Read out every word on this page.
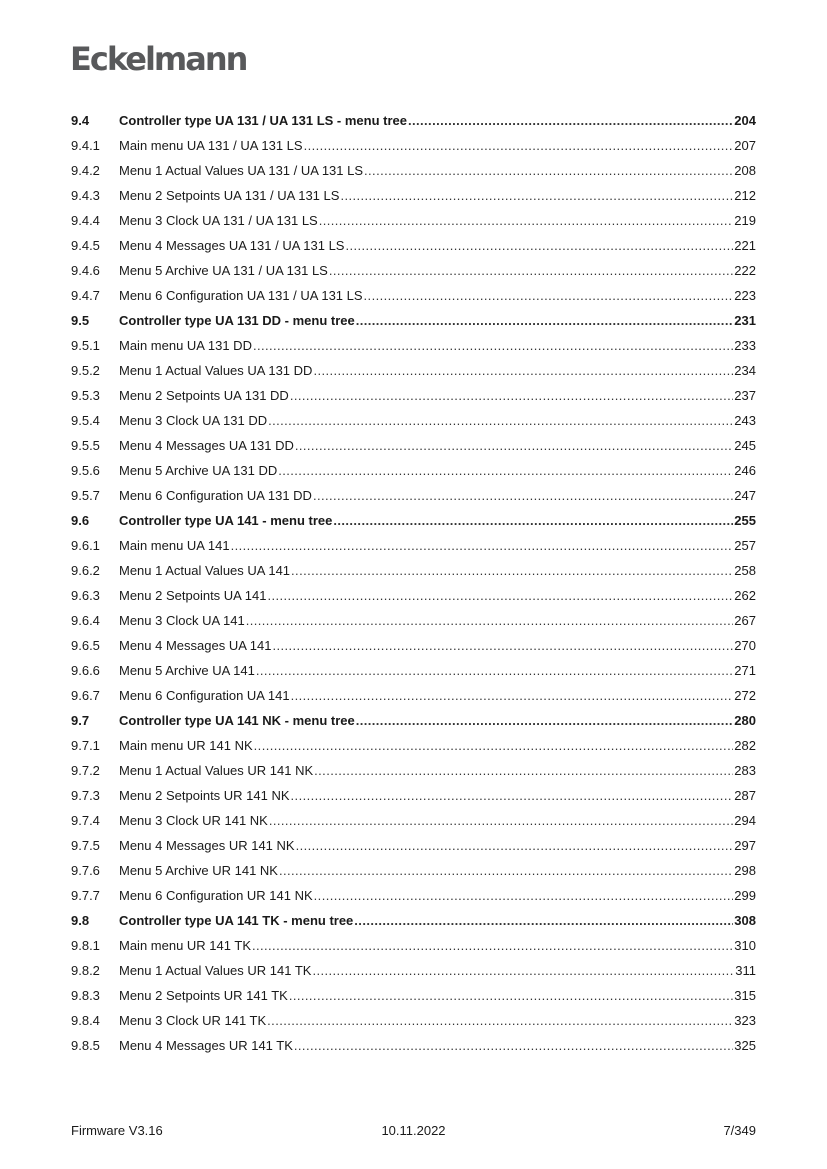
Eckelmann
9.4	Controller type UA 131 / UA 131 LS - menu tree .....	204
9.4.1	Main menu UA 131 / UA 131 LS .....	207
9.4.2	Menu 1 Actual Values UA 131 / UA 131 LS .....	208
9.4.3	Menu 2 Setpoints UA 131 / UA 131 LS .....	212
9.4.4	Menu 3 Clock UA 131 / UA 131 LS .....	219
9.4.5	Menu 4 Messages UA 131 / UA 131 LS .....	221
9.4.6	Menu 5 Archive UA 131 / UA 131 LS .....	222
9.4.7	Menu 6 Configuration UA 131 / UA 131 LS .....	223
9.5	Controller type UA 131 DD - menu tree .....	231
9.5.1	Main menu UA 131 DD .....	233
9.5.2	Menu 1 Actual Values UA 131 DD .....	234
9.5.3	Menu 2 Setpoints UA 131 DD .....	237
9.5.4	Menu 3 Clock UA 131 DD .....	243
9.5.5	Menu 4 Messages UA 131 DD .....	245
9.5.6	Menu 5 Archive UA 131 DD .....	246
9.5.7	Menu 6 Configuration UA 131 DD .....	247
9.6	Controller type UA 141 - menu tree .....	255
9.6.1	Main menu UA 141 .....	257
9.6.2	Menu 1 Actual Values UA 141 .....	258
9.6.3	Menu 2 Setpoints UA 141 .....	262
9.6.4	Menu 3 Clock UA 141 .....	267
9.6.5	Menu 4 Messages UA 141 .....	270
9.6.6	Menu 5 Archive UA 141 .....	271
9.6.7	Menu 6 Configuration UA 141 .....	272
9.7	Controller type UA 141 NK - menu tree .....	280
9.7.1	Main menu UR 141 NK .....	282
9.7.2	Menu 1 Actual Values UR 141 NK .....	283
9.7.3	Menu 2 Setpoints UR 141 NK .....	287
9.7.4	Menu 3 Clock UR 141 NK .....	294
9.7.5	Menu 4 Messages UR 141 NK .....	297
9.7.6	Menu 5 Archive UR 141 NK .....	298
9.7.7	Menu 6 Configuration UR 141 NK .....	299
9.8	Controller type UA 141 TK - menu tree .....	308
9.8.1	Main menu UR 141 TK .....	310
9.8.2	Menu 1 Actual Values UR 141 TK .....	311
9.8.3	Menu 2 Setpoints UR 141 TK .....	315
9.8.4	Menu 3 Clock UR 141 TK .....	323
9.8.5	Menu 4 Messages UR 141 TK .....	325
Firmware V3.16	10.11.2022	7/349
